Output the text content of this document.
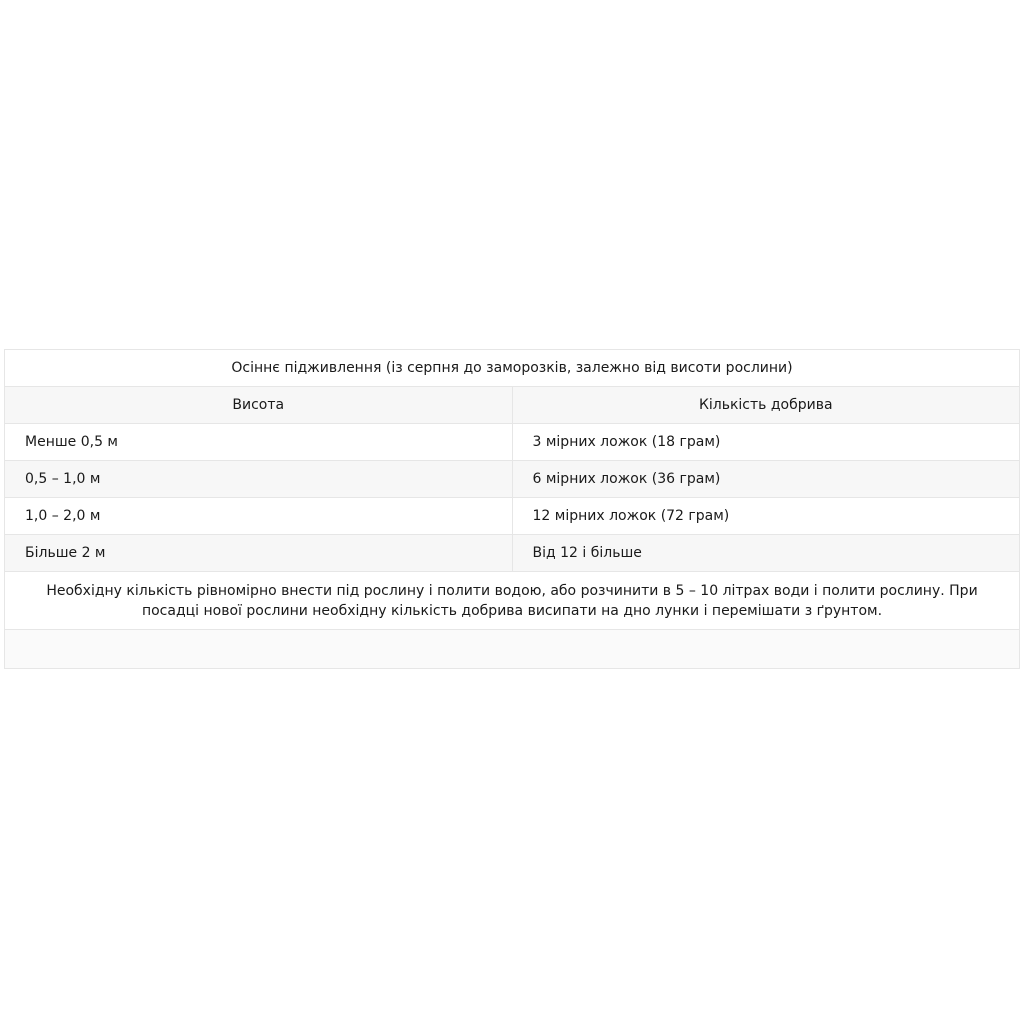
Осіннє підживлення (із серпня до заморозків, залежно від висоти рослини)	
Висота	Кількість добрива
Менше 0,5 м	3 мірних ложок (18 грам)
0,5 – 1,0 м	6 мірних ложок (36 грам)
1,0 – 2,0 м	12 мірних ложок (72 грам)
Більше 2 м	Від 12 і більше
Необхідну кількість рівномірно внести під рослину і полити водою, або розчинити в 5 – 10 літрах води і полити рослину. При посадці нової рослини необхідну кількість добрива висипати на дно лунки і перемішати з ґрунтом.	
